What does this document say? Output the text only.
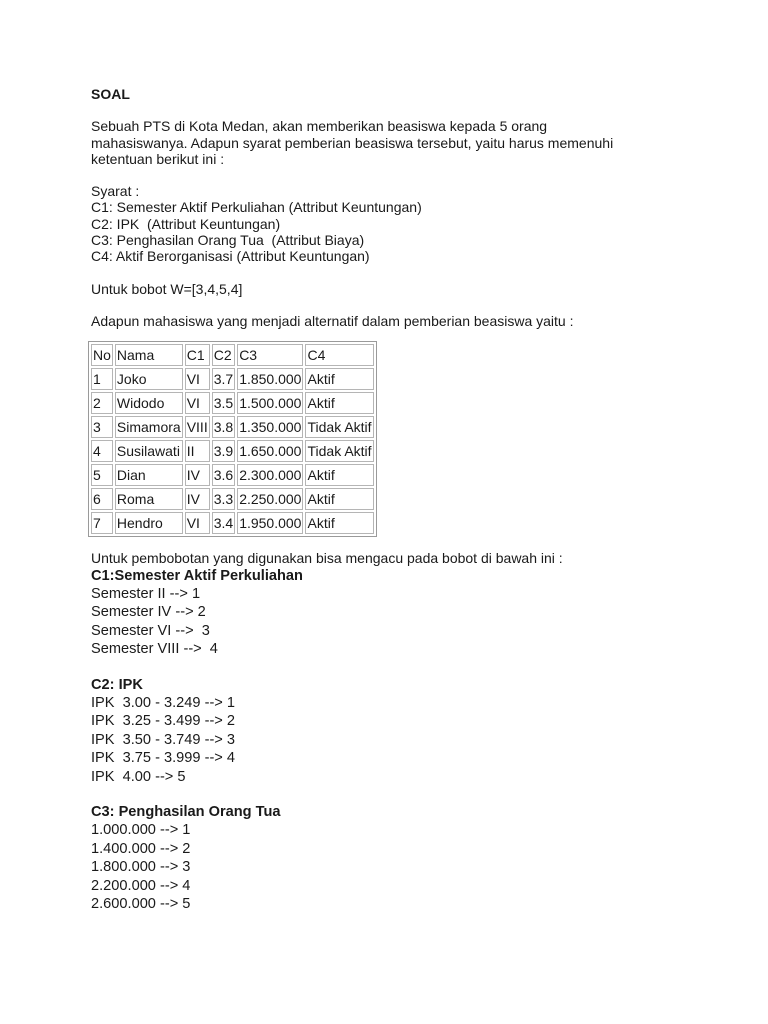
SOAL
Sebuah PTS di Kota Medan, akan memberikan beasiswa kepada 5 orang
mahasiswanya. Adapun syarat pemberian beasiswa tersebut, yaitu harus memenuhi
ketentuan berikut ini :
Syarat :
C1: Semester Aktif Perkuliahan (Attribut Keuntungan)
C2: IPK  (Attribut Keuntungan)
C3: Penghasilan Orang Tua  (Attribut Biaya)
C4: Aktif Berorganisasi (Attribut Keuntungan)
Untuk bobot W=[3,4,5,4]
Adapun mahasiswa yang menjadi alternatif dalam pemberian beasiswa yaitu :
No	Nama	C1	C2	C3	C4
1	Joko	VI	3.7	1.850.000	Aktif
2	Widodo	VI	3.5	1.500.000	Aktif
3	Simamora	VIII	3.8	1.350.000	Tidak Aktif
4	Susilawati	II	3.9	1.650.000	Tidak Aktif
5	Dian	IV	3.6	2.300.000	Aktif
6	Roma	IV	3.3	2.250.000	Aktif
7	Hendro	VI	3.4	1.950.000	Aktif
Untuk pembobotan yang digunakan bisa mengacu pada bobot di bawah ini :
C1:Semester Aktif Perkuliahan
Semester II --> 1
Semester IV --> 2
Semester VI -->  3
Semester VIII -->  4
C2: IPK
IPK  3.00 - 3.249 --> 1
IPK  3.25 - 3.499 --> 2
IPK  3.50 - 3.749 --> 3
IPK  3.75 - 3.999 --> 4
IPK  4.00 --> 5
C3: Penghasilan Orang Tua
1.000.000 --> 1
1.400.000 --> 2
1.800.000 --> 3
2.200.000 --> 4
2.600.000 --> 5
